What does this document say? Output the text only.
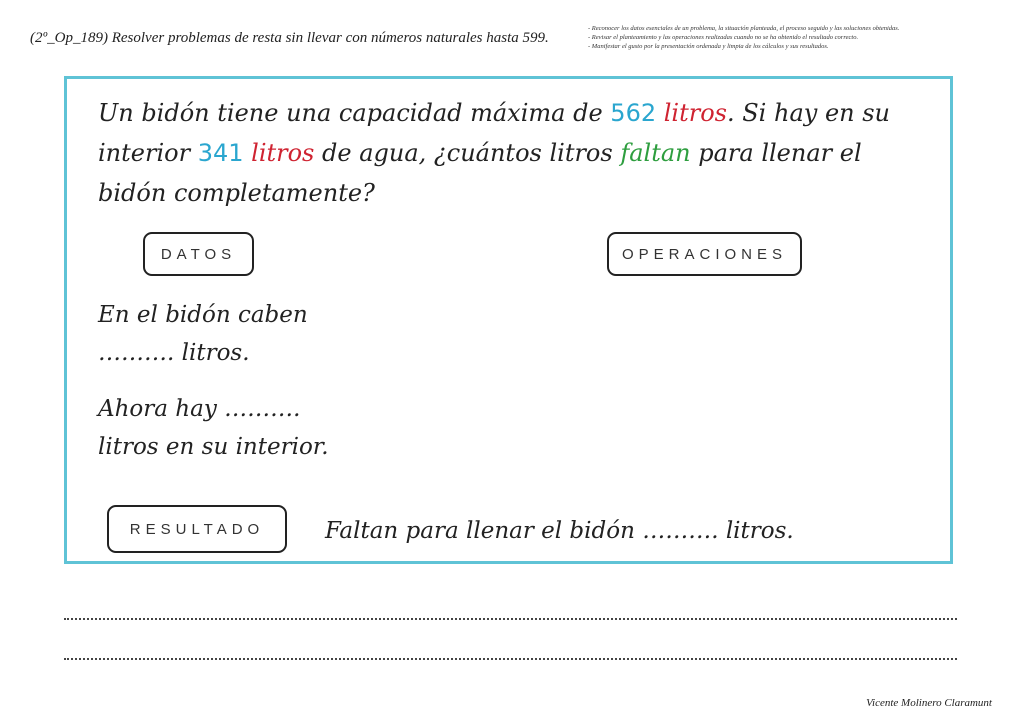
(2º_Op_189) Resolver problemas de resta sin llevar con números naturales hasta 599.
- Reconocer los datos esenciales de un problema, la situación planteada, el proceso seguido y las soluciones obtenidas.
- Revisar el planteamiento y las operaciones realizadas cuando no se ha obtenido el resultado correcto.
- Manifestar el gusto por la presentación ordenada y limpia de los cálculos y sus resultados.
Un bidón tiene una capacidad máxima de 562 litros. Si hay en su interior 341 litros de agua, ¿cuántos litros faltan para llenar el bidón completamente?
DATOS	OPERACIONES
En el bidón caben
………. litros.
Ahora hay ……….
litros en su interior.
RESULTADO	Faltan para llenar el bidón ………. litros.
Vicente Molinero Claramunt
